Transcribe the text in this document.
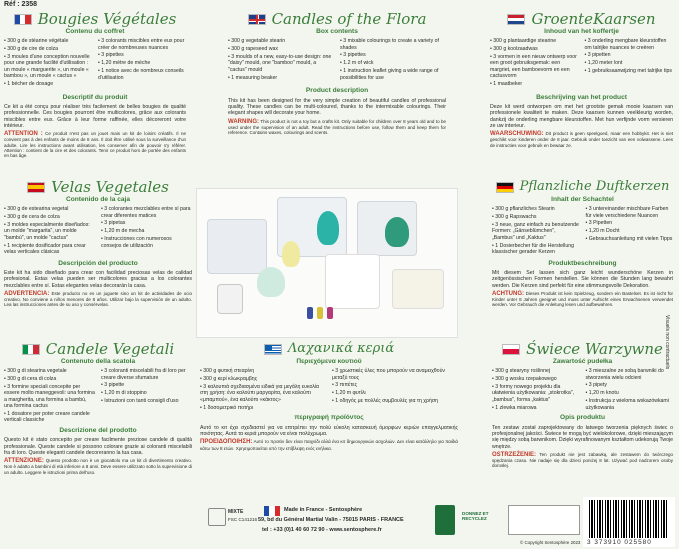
Réf : 2358
Bougies Végétales
Contenu du coffret
• 300 g de stéarine végétale
• 300 g de cire de colza
• 3 moules d'une conception nouvelle pour une grande facilité d'utilisation : un moule « marguerite », un moule « bambou », un moule « cactus »
• 1 bécher de dosage
• 3 colorants miscibles entre eux pour créer de nombreuses nuances
• 3 pipettes
• 1,20 mètre de mèche
• 1 notice avec de nombreux conseils d'utilisation
Descriptif du produit
Ce kit a été conçu pour réaliser très facilement de belles bougies de qualité professionnelle. Ces bougies pourront être multicolores, grâce aux colorants miscibles entre eux. Grâce à leur forme raffinée, elles décoreront votre intérieur.
ATTENTION : Ce produit n'est pas un jouet mais un kit de loisirs créatifs. Il ne convient pas à des enfants de moins de 8 ans. Il doit être utilisé sous la surveillance d'un adulte. Lire les instructions avant utilisation, les conserver afin de pouvoir s'y référer. Attention : contient de la cire et des colorants. Tenir ce produit hors de portée des enfants en bas âge.
Candles of the Flora
Box contents
• 300 g vegetable stearin
• 300 g rapeseed wax
• 3 moulds of a new, easy-to-use design: one "daisy" mould, one "bamboo" mould, a "cactus" mould
• 1 measuring beaker
• 3 mixable colourings to create a variety of shades
• 3 pipettes
• 1.2 m of wick
• 1 instruction leaflet giving a wide range of possibilities for use
Product description
This kit has been designed for the very simple creation of beautiful candles of professional quality. These candles can be multi-coloured, thanks to the intermixable colourings. Their elegant shapes will decorate your home.
WARNING: This product is not a toy but a crafts kit. Only suitable for children over 8 years old and to be used under the supervision of an adult. Read the instructions before use, follow them and keep them for reference. Contains waxes, colourings and scents.
GroenteKaarsen
Inhoud van het koffertje
• 300 g plantaardige stearine
• 300 g koolzaadwas
• 3 vormen in een nieuw ontwerp voor een groot gebruiksgemak: een margriet, een bamboevorm en een cactusvorm
• 1 maatbeker
• 3 onderling mengbare kleurstoffen om talrijke nuances te creëren
• 3 pipetten
• 1,20 meter lont
• 1 gebruiksaanwijzing met talrijke tips
Beschrijving van het product
Deze kit werd ontworpen om met het grootste gemak mooie kaarsen van professionele kwaliteit te maken. Deze kaarsen kunnen veelkleurig worden, dankzij de onderling mengbare kleurstoffen. Met hun verfijnde vorm versieren ze uw interieur.
WAARSCHUWING: Dit product is geen speelgoed, maar een hobbykit. Het is niet geschikt voor kinderen onder de 8 jaar. Gebruik onder toezicht van een volwassene. Lees de instructies voor gebruik en bewaar ze.
Velas Vegetales
Contenido de la caja
• 300 g de estearina vegetal
• 300 g de cera de colza
• 3 moldes especialmente diseñados: un molde "margarita", un molde "bambú", un molde "cactus"
• 1 recipiente dosificador para crear velas verticales clásicas
• 3 colorantes mezclables entre sí para crear diferentes matices
• 3 pipetas
• 1,20 m de mecha
• Instrucciones con numerosos consejos de utilización
Descripción del producto
Este kit ha sido diseñado para crear con facilidad preciosas velas de calidad profesional. Estas velas pueden ser multicolores gracias a los colorantes mezclables entre sí. Estas elegantes velas decorarán la casa.
ADVERTENCIA: Este producto no es un juguete sino un kit de actividades de ocio creativo. No conviene a niños menores de 8 años. Utilizar bajo la supervisión de un adulto. Lea las instrucciones antes de su uso y consérvelas.
Pflanzliche Duftkerzen
Inhalt der Schachtel
• 300 g pflanzliches Stearin
• 300 g Rapswachs
• 3 neue, ganz einfach zu benutzende Formen: „Gänseblümchen", „Bambus" und „Kaktus"
• 1 Dosierbecher für die Herstellung klassischer gerader Kerzen
• 3 untereinander mischbare Farben für viele verschiedene Nuancen
• 3 Pipetten
• 1,20 m Docht
• Gebrauchsanleitung mit vielen Tipps
Produktbeschreibung
Mit diesem Set lassen sich ganz leicht wunderschöne Kerzen in zeitgenössischen Formen herstellen. Sie können die Stunden lang bewahrt werden. Die Kerzen sind perfekt für eine stimmungsvolle Dekoration.
ACHTUNG: Dieses Produkt ist kein Spielzeug, sondern ein Bastelset. Es ist nicht für Kinder unter 8 Jahren geeignet und muss unter Aufsicht eines Erwachsenen verwendet werden. Vor Gebrauch die Anleitung lesen und aufbewahren.
Candele Vegetali
Contenuto della scatola
• 300 g di stearina vegetale
• 300 g di cera di colza
• 3 formine speciali concepite per essere molto maneggevoli: una formina a margherita, una formina a bambù, una formina cactus
• 1 dosatore per poter creare candele verticali classiche
• 3 coloranti miscelabili fra di loro per creare diverse sfumature
• 3 pipette
• 1,20 m di stoppino
• Istruzioni con tanti consigli d'uso
Descrizione del prodotto
Questo kit è stato concepito per creare facilmente preziose candele di qualità professionale. Queste candele si possono colorare grazie ai coloranti miscelabili fra di loro. Queste eleganti candele decoreranno la tua casa.
ATTENZIONE: Questo prodotto non è un giocattolo ma un kit di divertimento creativo. Non è adatto a bambini di età inferiore a 8 anni. Deve essere utilizzato sotto la supervisione di un adulto. Leggere le istruzioni prima dell'uso.
Λαχανικά κεριά
Περιεχόμενα κουτιού
• 300 g φυτική στεαρίνη
• 300 g κερί κλωκραμβης
• 3 καλουπιά σχεδιασμένα ειδικά για μεγάλη ευκολία στη χρήση: ένα καλούπι μαργαρίτα, ένα καλούπι «μπαμπού», ένα καλούπι «κάκτος»
• 1 δοσομετρικό ποτήρι
• 3 χρωστικές ύλες που μπορούν να αναμειχθούν μεταξύ τους
• 3 πιπέτες
• 1,20 m φυτίλι
• 1 οδηγός με πολλές συμβουλές για τη χρήση
περιγραφή προϊόντος
Αυτό το κιτ έχει σχεδιαστεί για να επιτρέπει την πολύ εύκολη κατασκευή όμορφων κεριών επαγγελματικής ποιότητας. Αυτά τα κεριά μπορούν να είναι πολύχρωμα.
ΠΡΟΕΙΔΟΠΟΙΗΣΗ: Αυτό το προϊόν δεν είναι παιχνίδι αλλά ένα κιτ δημιουργικών ασχολιών. Δεν είναι κατάλληλο για παιδιά κάτω των 8 ετών. Χρησιμοποιείται υπό την επίβλεψη ενός ενήλικα.
Świece Warzywne
Zawartość pudełka
• 300 g stearyny roślinnej
• 300 g wosku rzepakowego
• 3 formy nowego projektu dla ułatwienia użytkowania: „stokrotka", „bambus", forma „kaktus"
• 1 zlewka miarowa
• 3 mieszalne ze sobą barwniki do stworzenia wielu odcieni
• 3 pipety
• 1,20 m knotu
• Instrukcja z wieloma wskazówkami użytkowania
Opis produktu
Ten zestaw został zaprojektowany do łatwego tworzenia pięknych świec o profesjonalnej jakości. Świece te mogą być wielokolorowe, dzięki mieszającym się między sobą barwnikom. Dzięki wyrafinowanym kształtom udekorują Twoje wnętrze.
OSTRZEŻENIE: Ten produkt nie jest zabawką, ale zestawem do twórczego spędzania czasu. Nie nadaje się dla dzieci poniżej 8 lat. Używać pod nadzorem osoby dorosłej.
MIXTE
FSC C141216
Made in France - Sentosphère
59, bd du Général Martial Valin - 75015 PARIS - FRANCE
tel : +33 (0)1 40 60 72 90 - www.sentosphere.fr
DONNEZ ET RECYCLEZ
© Copyright Sentosphère 2023 3 373910 025580
Visuels non contractuels
